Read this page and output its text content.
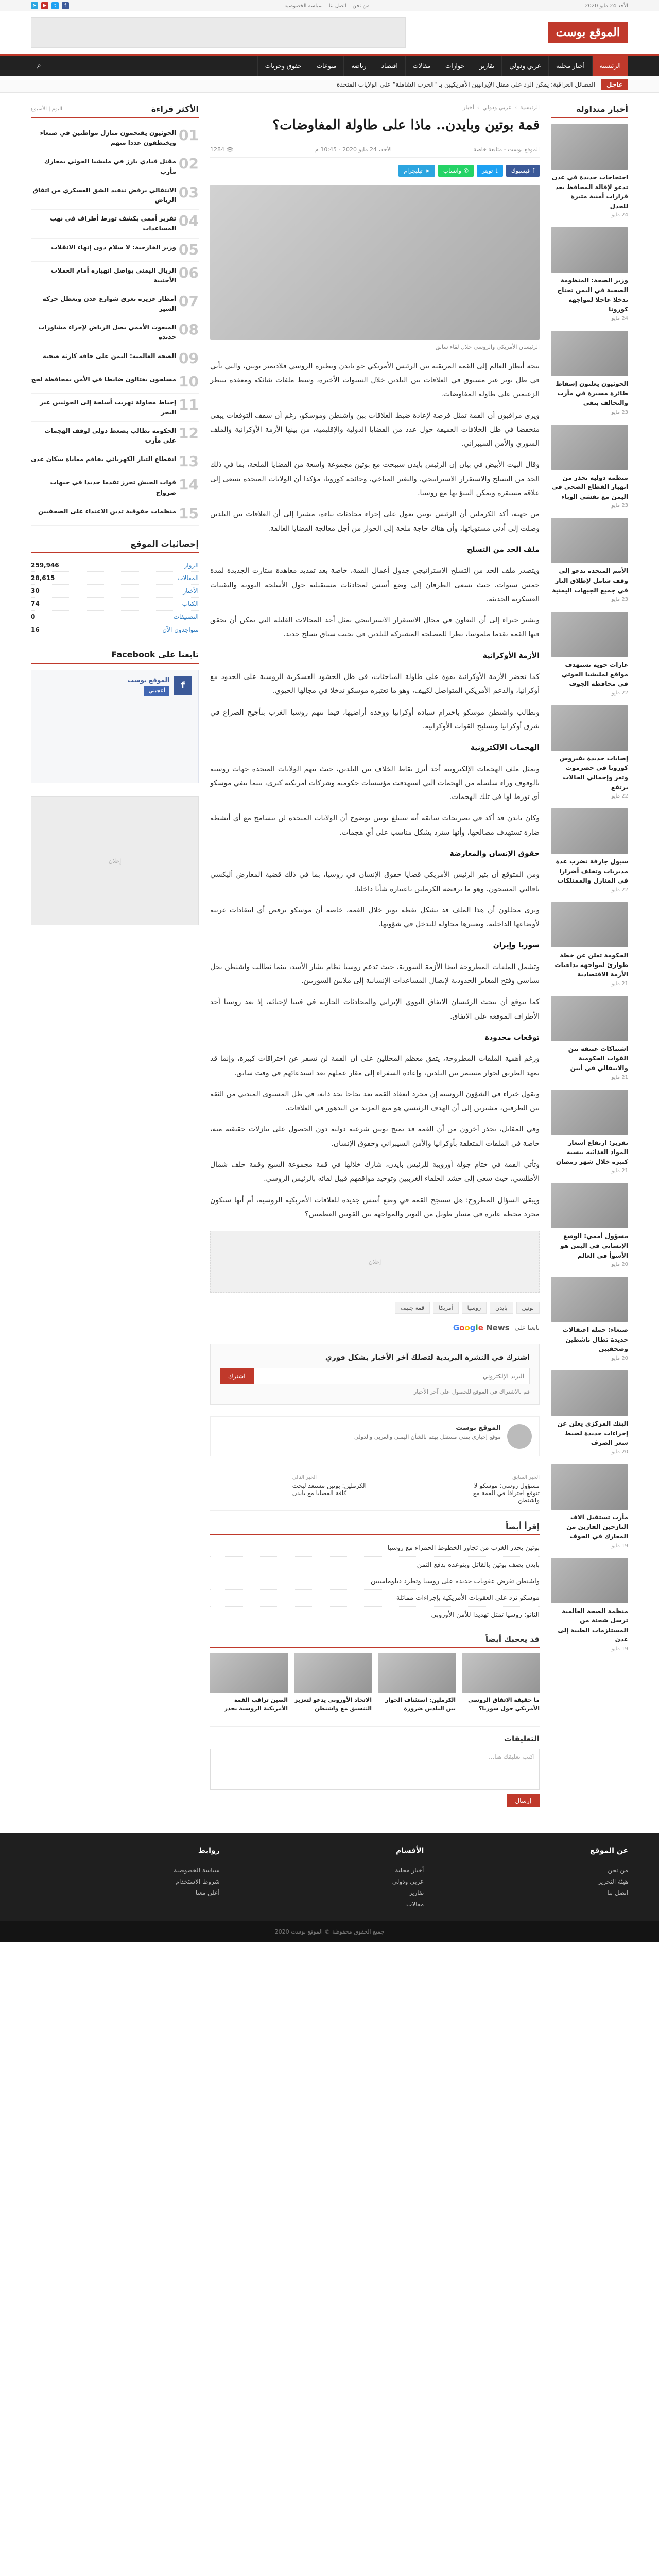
الأحد 24 مايو 2020
من نحن
اتصل بنا
سياسة الخصوصية
f
t
▶
➤
الموقع بوست
الرئيسية
أخبار محلية
عربي ودولي
تقارير
حوارات
مقالات
اقتصاد
رياضة
منوعات
حقوق وحريات
⌕
عاجل
الفصائل العراقية: يمكن الرد على مقتل الإيرانيين الأمريكيين بـ "الحرب الشاملة" على الولايات المتحدة
أخبار متداولة
احتجاجات جديدة في عدن تدعو لإقالة المحافظ بعد قرارات أمنية مثيرة للجدل
24 مايو
وزير الصحة: المنظومة الصحية في اليمن تحتاج تدخلا عاجلا لمواجهة كورونا
24 مايو
الحوثيون يعلنون إسقاط طائرة مسيرة في مأرب والتحالف ينفي
23 مايو
منظمة دولية تحذر من انهيار القطاع الصحي في اليمن مع تفشي الوباء
23 مايو
الأمم المتحدة تدعو إلى وقف شامل لإطلاق النار في جميع الجبهات اليمنية
23 مايو
غارات جوية تستهدف مواقع لمليشيا الحوثي في محافظة الجوف
22 مايو
إصابات جديدة بفيروس كورونا في حضرموت وتعز وإجمالي الحالات يرتفع
22 مايو
سيول جارفة تضرب عدة مديريات وتخلف أضرارا في المنازل والممتلكات
22 مايو
الحكومة تعلن عن خطة طوارئ لمواجهة تداعيات الأزمة الاقتصادية
21 مايو
اشتباكات عنيفة بين القوات الحكومية والانتقالي في أبين
21 مايو
تقرير: ارتفاع أسعار المواد الغذائية بنسبة كبيرة خلال شهر رمضان
21 مايو
مسؤول أممي: الوضع الإنساني في اليمن هو الأسوأ في العالم
20 مايو
صنعاء: حملة اعتقالات جديدة تطال ناشطين وصحفيين
20 مايو
البنك المركزي يعلن عن إجراءات جديدة لضبط سعر الصرف
20 مايو
مأرب تستقبل آلاف النازحين الفارين من المعارك في الجوف
19 مايو
منظمة الصحة العالمية ترسل شحنة من المستلزمات الطبية إلى عدن
19 مايو
الرئيسية
›
عربي ودولي
›
أخبار
قمة بوتين وبايدن.. ماذا على طاولة المفاوضات؟
الموقع بوست - متابعة خاصة
الأحد، 24 مايو 2020 - 10:45 م
👁 1284
f
فيسبوك
t
تويتر
✆
واتساب
➤
تيليجرام
الرئيسان الأمريكي والروسي خلال لقاء سابق

تتجه أنظار العالم إلى القمة المرتقبة بين الرئيس الأمريكي جو بايدن ونظيره الروسي فلاديمير بوتين، والتي تأتي في ظل توتر غير مسبوق في العلاقات بين البلدين خلال السنوات الأخيرة، وسط ملفات شائكة ومعقدة تنتظر الزعيمين على طاولة المفاوضات.

ويرى مراقبون أن القمة تمثل فرصة لإعادة ضبط العلاقات بين واشنطن وموسكو، رغم أن سقف التوقعات يبقى منخفضا في ظل الخلافات العميقة حول عدد من القضايا الدولية والإقليمية، من بينها الأزمة الأوكرانية والملف السوري والأمن السيبراني.

وقال البيت الأبيض في بيان إن الرئيس بايدن سيبحث مع بوتين مجموعة واسعة من القضايا الملحة، بما في ذلك الحد من التسلح والاستقرار الاستراتيجي، والتغير المناخي، وجائحة كورونا، مؤكدا أن الولايات المتحدة تسعى إلى علاقة مستقرة ويمكن التنبؤ بها مع روسيا.

من جهته، أكد الكرملين أن الرئيس بوتين يعول على إجراء محادثات بناءة، مشيرا إلى أن العلاقات بين البلدين وصلت إلى أدنى مستوياتها، وأن هناك حاجة ملحة إلى الحوار من أجل معالجة القضايا العالقة.

ملف الحد من التسلح

ويتصدر ملف الحد من التسلح الاستراتيجي جدول أعمال القمة، خاصة بعد تمديد معاهدة ستارت الجديدة لمدة خمس سنوات، حيث يسعى الطرفان إلى وضع أسس لمحادثات مستقبلية حول الأسلحة النووية والتقنيات العسكرية الحديثة.

ويشير خبراء إلى أن التعاون في مجال الاستقرار الاستراتيجي يمثل أحد المجالات القليلة التي يمكن أن تحقق فيها القمة تقدما ملموسا، نظرا للمصلحة المشتركة للبلدين في تجنب سباق تسلح جديد.

الأزمة الأوكرانية

كما تحضر الأزمة الأوكرانية بقوة على طاولة المباحثات، في ظل الحشود العسكرية الروسية على الحدود مع أوكرانيا، والدعم الأمريكي المتواصل لكييف، وهو ما تعتبره موسكو تدخلا في مجالها الحيوي.

وتطالب واشنطن موسكو باحترام سيادة أوكرانيا ووحدة أراضيها، فيما تتهم روسيا الغرب بتأجيج الصراع في شرق أوكرانيا وتسليح القوات الأوكرانية.

الهجمات الإلكترونية

ويمثل ملف الهجمات الإلكترونية أحد أبرز نقاط الخلاف بين البلدين، حيث تتهم الولايات المتحدة جهات روسية بالوقوف وراء سلسلة من الهجمات التي استهدفت مؤسسات حكومية وشركات أمريكية كبرى، بينما تنفي موسكو أي تورط لها في تلك الهجمات.

وكان بايدن قد أكد في تصريحات سابقة أنه سيبلغ بوتين بوضوح أن الولايات المتحدة لن تتسامح مع أي أنشطة ضارة تستهدف مصالحها، وأنها سترد بشكل مناسب على أي هجمات.

حقوق الإنسان والمعارضة

ومن المتوقع أن يثير الرئيس الأمريكي قضايا حقوق الإنسان في روسيا، بما في ذلك قضية المعارض أليكسي نافالني المسجون، وهو ما يرفضه الكرملين باعتباره شأنا داخليا.

ويرى محللون أن هذا الملف قد يشكل نقطة توتر خلال القمة، خاصة أن موسكو ترفض أي انتقادات غربية لأوضاعها الداخلية، وتعتبرها محاولة للتدخل في شؤونها.

سوريا وإيران

وتشمل الملفات المطروحة أيضا الأزمة السورية، حيث تدعم روسيا نظام بشار الأسد، بينما تطالب واشنطن بحل سياسي وفتح المعابر الحدودية لإيصال المساعدات الإنسانية إلى ملايين السوريين.

كما يتوقع أن يبحث الرئيسان الاتفاق النووي الإيراني والمحادثات الجارية في فيينا لإحيائه، إذ تعد روسيا أحد الأطراف الموقعة على الاتفاق.

توقعات محدودة

ورغم أهمية الملفات المطروحة، يتفق معظم المحللين على أن القمة لن تسفر عن اختراقات كبيرة، وإنما قد تمهد الطريق لحوار مستمر بين البلدين، وإعادة السفراء إلى مقار عملهم بعد استدعائهم في وقت سابق.

ويقول خبراء في الشؤون الروسية إن مجرد انعقاد القمة يعد نجاحا بحد ذاته، في ظل المستوى المتدني من الثقة بين الطرفين، مشيرين إلى أن الهدف الرئيسي هو منع المزيد من التدهور في العلاقات.

وفي المقابل، يحذر آخرون من أن القمة قد تمنح بوتين شرعية دولية دون الحصول على تنازلات حقيقية منه، خاصة في الملفات المتعلقة بأوكرانيا والأمن السيبراني وحقوق الإنسان.

وتأتي القمة في ختام جولة أوروبية للرئيس بايدن، شارك خلالها في قمة مجموعة السبع وقمة حلف شمال الأطلسي، حيث سعى إلى حشد الحلفاء الغربيين وتوحيد مواقفهم قبيل لقائه بالرئيس الروسي.

ويبقى السؤال المطروح: هل ستنجح القمة في وضع أسس جديدة للعلاقات الأمريكية الروسية، أم أنها ستكون مجرد محطة عابرة في مسار طويل من التوتر والمواجهة بين القوتين العظميين؟

إعلان
بوتين
بايدن
روسيا
أمريكا
قمة جنيف
تابعنا على
Google News
اشترك في النشرة البريدية لتصلك آخر الأخبار بشكل فوري
البريد الإلكتروني
اشترك
قم بالاشتراك في الموقع للحصول على آخر الأخبار
الموقع بوست
موقع إخباري يمني مستقل يهتم بالشأن اليمني والعربي والدولي
الخبر السابق
مسؤول روسي: موسكو لا تتوقع اختراقا في القمة مع واشنطن
الخبر التالي
الكرملين: بوتين مستعد لبحث كافة القضايا مع بايدن
إقرأ أيضاً
بوتين يحذر الغرب من تجاوز الخطوط الحمراء مع روسيا
بايدن يصف بوتين بالقاتل ويتوعده بدفع الثمن
واشنطن تفرض عقوبات جديدة على روسيا وتطرد دبلوماسيين
موسكو ترد على العقوبات الأمريكية بإجراءات مماثلة
الناتو: روسيا تمثل تهديدا للأمن الأوروبي
قد يعجبك أيضاً
ما حقيقة الاتفاق الروسي الأمريكي حول سوريا؟
الكرملين: استئناف الحوار بين البلدين ضرورة
الاتحاد الأوروبي يدعو لتعزيز التنسيق مع واشنطن
الصين تراقب القمة الأمريكية الروسية بحذر
التعليقات
اكتب تعليقك هنا...
إرسال
الأكثر قراءة
اليوم | الأسبوع
01
الحوثيون يقتحمون منازل مواطنين في صنعاء ويختطفون عددا منهم
02
مقتل قيادي بارز في مليشيا الحوثي بمعارك مأرب
03
الانتقالي يرفض تنفيذ الشق العسكري من اتفاق الرياض
04
تقرير أممي يكشف تورط أطراف في نهب المساعدات
05
وزير الخارجية: لا سلام دون إنهاء الانقلاب
06
الريال اليمني يواصل انهياره أمام العملات الأجنبية
07
أمطار غزيرة تغرق شوارع عدن وتعطل حركة السير
08
المبعوث الأممي يصل الرياض لإجراء مشاورات جديدة
09
الصحة العالمية: اليمن على حافة كارثة صحية
10
مسلحون يغتالون ضابطا في الأمن بمحافظة لحج
11
إحباط محاولة تهريب أسلحة إلى الحوثيين عبر البحر
12
الحكومة تطالب بضغط دولي لوقف الهجمات على مأرب
13
انقطاع التيار الكهربائي يفاقم معاناة سكان عدن
14
قوات الجيش تحرز تقدما جديدا في جبهات صرواح
15
منظمات حقوقية تدين الاعتداء على الصحفيين
إحصائيات الموقع
الزوار
259,946
المقالات
28,615
الأخبار
30
الكتاب
74
التصنيفات
0
متواجدون الآن
16
تابعنا على Facebook
f
الموقع بوست
أعجبني
إعلان
عن الموقع
من نحن
هيئة التحرير
اتصل بنا
الأقسام
أخبار محلية
عربي ودولي
تقارير
مقالات
روابط
سياسة الخصوصية
شروط الاستخدام
أعلن معنا
جميع الحقوق محفوظة © الموقع بوست 2020
